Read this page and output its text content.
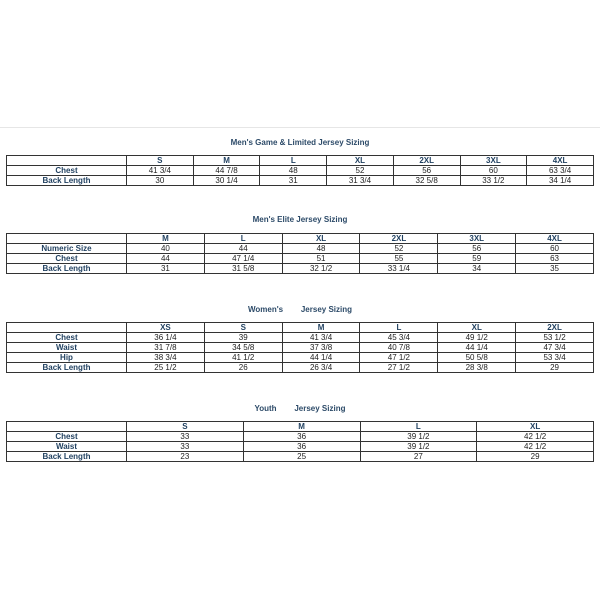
Men's Game & Limited Jersey Sizing
	S	M	L	XL	2XL	3XL	4XL
Chest	41 3/4	44 7/8	48	52	56	60	63 3/4
Back Length	30	30 1/4	31	31 3/4	32 5/8	33 1/2	34 1/4
Men's Elite Jersey Sizing
	M	L	XL	2XL	3XL	4XL
Numeric Size	40	44	48	52	56	60
Chest	44	47 1/4	51	55	59	63
Back Length	31	31 5/8	32 1/2	33 1/4	34	35
Women's        Jersey Sizing
	XS	S	M	L	XL	2XL
Chest	36 1/4	39	41 3/4	45 3/4	49 1/2	53 1/2
Waist	31 7/8	34 5/8	37 3/8	40 7/8	44 1/4	47 3/4
Hip	38 3/4	41 1/2	44 1/4	47 1/2	50 5/8	53 3/4
Back Length	25 1/2	26	26 3/4	27 1/2	28 3/8	29
Youth        Jersey Sizing
	S	M	L	XL
Chest	33	36	39 1/2	42 1/2
Waist	33	36	39 1/2	42 1/2
Back Length	23	25	27	29
